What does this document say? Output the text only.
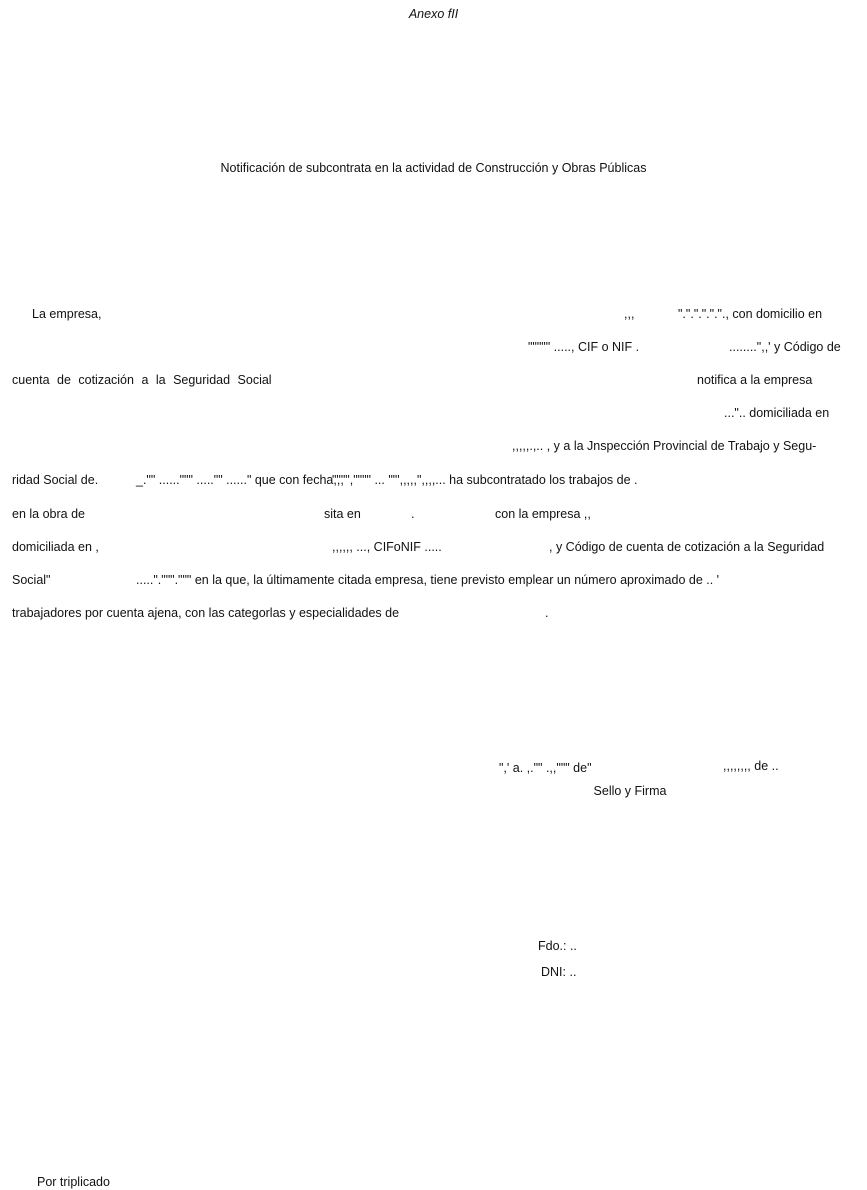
Anexo fII
Notificación de subcontrata en la actividad de Construcción y Obras Públicas
La empresa,	,,,	"."."."."."., con domicilio en
""""" ....., CIF o NIF .	........",,' y Código de
cuenta de cotización a la Seguridad Social	notifica a la empresa
...".. domiciliada en
,,,,,.,.. , y a la Jnspección Provincial de Trabajo y Segu-
ridad Social de.	_."" ......""" ....."" ......" que con fecha,,,
"""","""" ... ""',,,,,",,,,... ha subcontratado los trabajos de .
en la obra de	sita en	.	con la empresa ,,
domiciliada en ,	,,,,,, ..., CIFoNIF .....	, y Código de cuenta de cotización a la Seguridad
Social"	.....".""".""" en la que, la últimamente citada empresa, tiene previsto emplear un número aproximado de .. '
trabajadores por cuenta ajena, con las categorlas y especialidades de	.
",' a. ,."" .,,""" de"	,,,,,,,, de ..
Sello y Firma
Fdo.: ..
DNI: ..
Por triplicado
